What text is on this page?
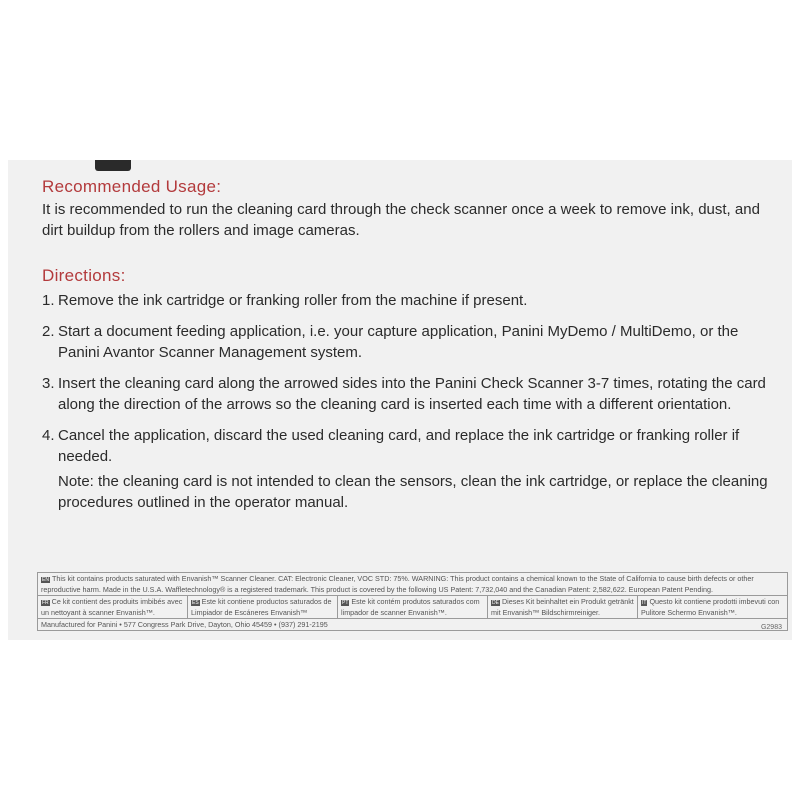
Recommended Usage:
It is recommended to run the cleaning card through the check scanner once a week to remove ink, dust, and dirt buildup from the rollers and image cameras.
Directions:
1. Remove the ink cartridge or franking roller from the machine if present.
2. Start a document feeding application, i.e. your capture application, Panini MyDemo / MultiDemo, or the Panini Avantor Scanner Management system.
3. Insert the cleaning card along the arrowed sides into the Panini Check Scanner 3-7 times, rotating the card along the direction of the arrows so the cleaning card is inserted each time with a different orientation.
4. Cancel the application, discard the used cleaning card, and replace the ink cartridge or franking roller if needed.
Note: the cleaning card is not intended to clean the sensors, clean the ink cartridge, or replace the cleaning procedures outlined in the operator manual.
EN This kit contains products saturated with Envanish™ Scanner Cleaner. CAT: Electronic Cleaner, VOC STD: 75%. WARNING: This product contains a chemical known to the State of California to cause birth defects or other reproductive harm. Made in the U.S.A. Waffletechnology® is a registered trademark. This product is covered by the following US Patent: 7,732,040 and the Canadian Patent: 2,582,622. European Patent Pending.
FR Ce kit contient des produits imbibés avec un nettoyant à scanner Envanish™.
ES Este kit contiene productos saturados de Limpiador de Escáneres Envanish™
PT Este kit contém produtos saturados com limpador de scanner Envanish™.
DE Dieses Kit beinhaltet ein Produkt getränkt mit Envanish™ Bildschirmreiniger.
IT Questo kit contiene prodotti imbevuti con Pulitore Schermo Envanish™.
Manufactured for Panini • 577 Congress Park Drive, Dayton, Ohio 45459 • (937) 291-2195	G2983
